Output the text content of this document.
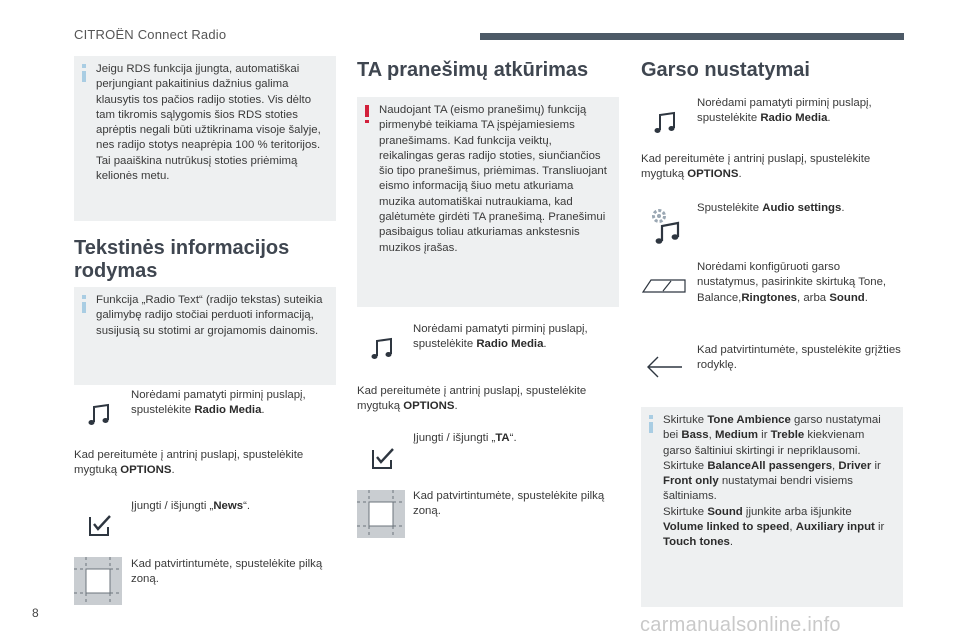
CITROËN Connect Radio
Jeigu RDS funkcija įjungta, automatiškai perjungiant pakaitinius dažnius galima klausytis tos pačios radijo stoties. Vis dėlto tam tikromis sąlygomis šios RDS stoties aprėptis negali būti užtikrinama visoje šalyje, nes radijo stotys neaprėpia 100 % teritorijos. Tai paaiškina nutrūkusį stoties priėmimą kelionės metu.
Tekstinės informacijos
rodymas
Funkcija „Radio Text“ (radijo tekstas) suteikia galimybę radijo stočiai perduoti informaciją, susijusią su stotimi ar grojamomis dainomis.
Norėdami pamatyti pirminį puslapį, spustelėkite Radio Media.
Kad pereitumėte į antrinį puslapį, spustelėkite mygtuką OPTIONS.
Įjungti / išjungti „News“.
Kad patvirtintumėte, spustelėkite pilką zoną.
TA pranešimų atkūrimas
Naudojant TA (eismo pranešimų) funkciją pirmenybė teikiama TA įspėjamiesiems pranešimams. Kad funkcija veiktų, reikalingas geras radijo stoties, siunčiančios šio tipo pranešimus, priėmimas. Transliuojant eismo informaciją šiuo metu atkuriama muzika automatiškai nutraukiama, kad galėtumėte girdėti TA pranešimą. Pranešimui pasibaigus toliau atkuriamas ankstesnis muzikos įrašas.
Norėdami pamatyti pirminį puslapį, spustelėkite Radio Media.
Kad pereitumėte į antrinį puslapį, spustelėkite mygtuką OPTIONS.
Įjungti / išjungti „TA“.
Kad patvirtintumėte, spustelėkite pilką zoną.
Garso nustatymai
Norėdami pamatyti pirminį puslapį, spustelėkite Radio Media.
Kad pereitumėte į antrinį puslapį, spustelėkite mygtuką OPTIONS.
Spustelėkite Audio settings.
Norėdami konfigūruoti garso nustatymus, pasirinkite skirtuką Tone, Balance,Ringtones, arba Sound.
Kad patvirtintumėte, spustelėkite grįžties rodyklę.
Skirtuke Tone Ambience garso nustatymai bei Bass, Medium ir Treble kiekvienam garso šaltiniui skirtingi ir nepriklausomi.
Skirtuke BalanceAll passengers, Driver ir Front only nustatymai bendri visiems šaltiniams.
Skirtuke Sound įjunkite arba išjunkite Volume linked to speed, Auxiliary input ir Touch tones.
8
carmanualsonline.info
